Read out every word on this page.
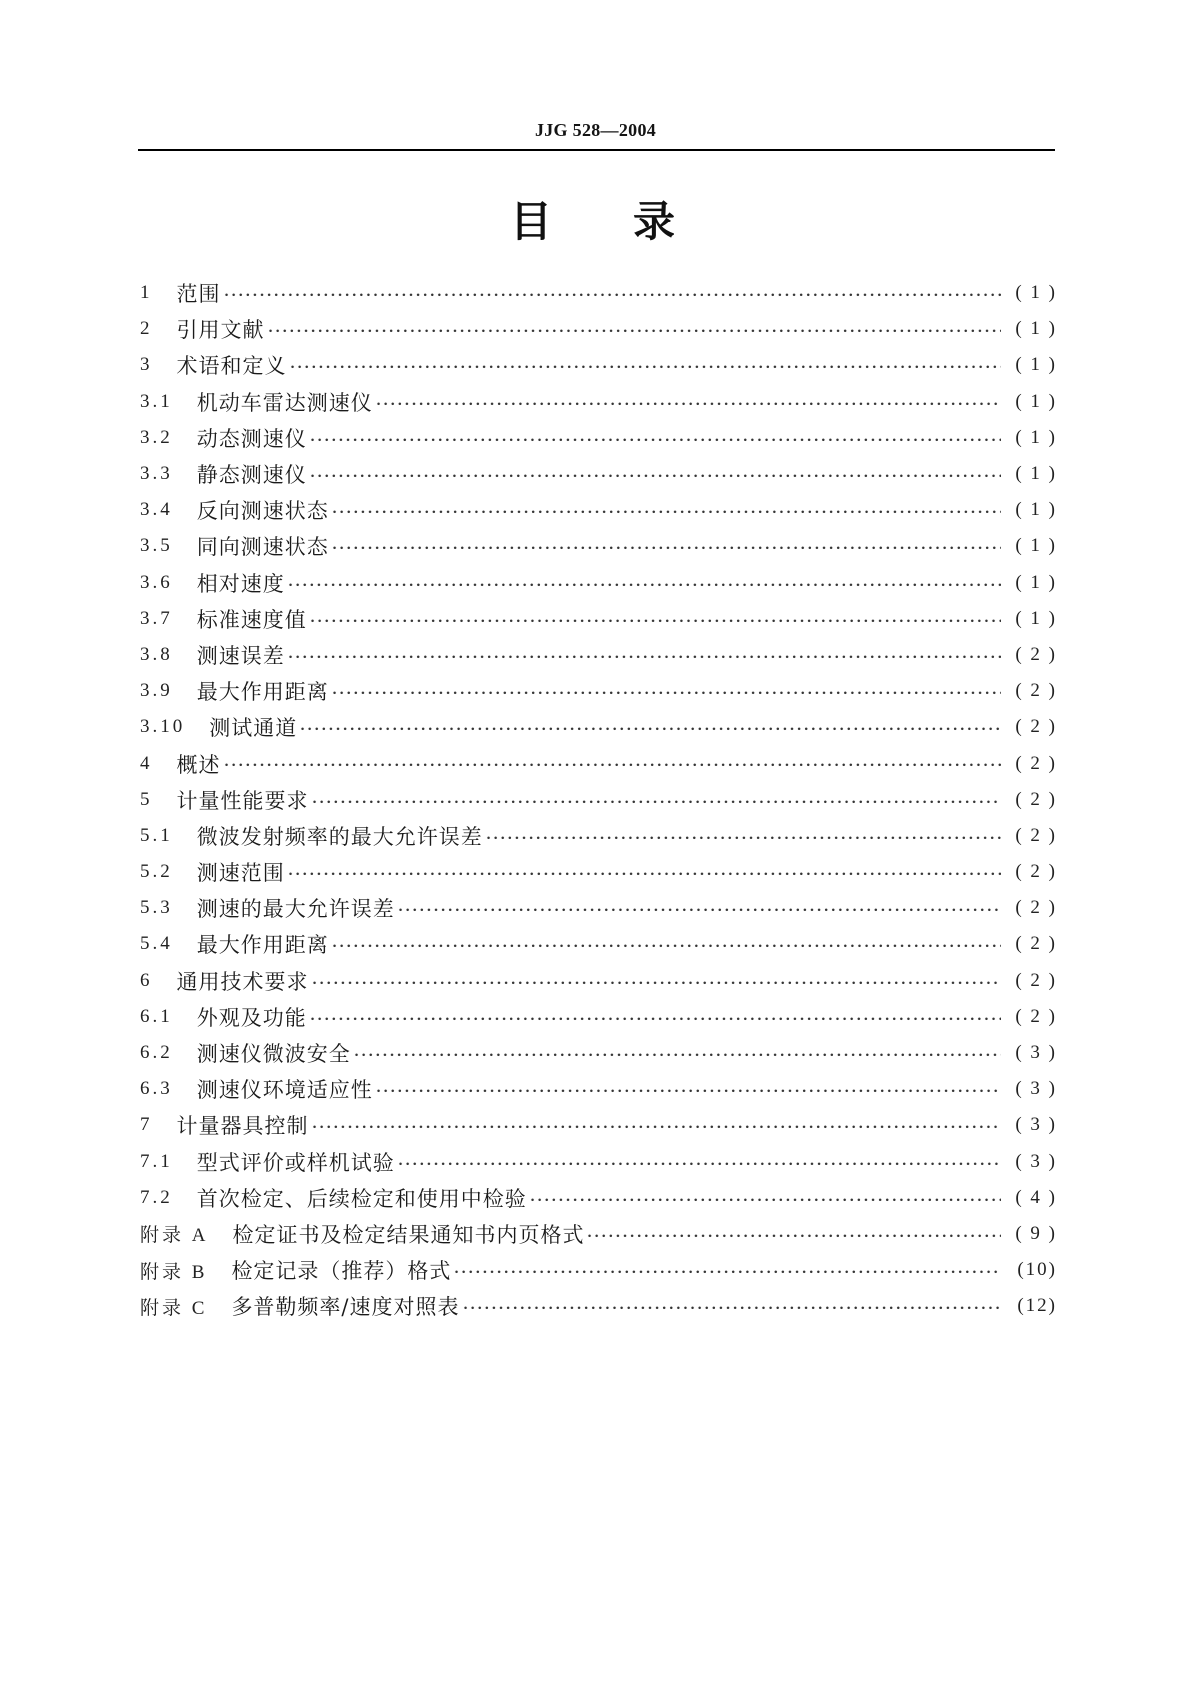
JJG 528—2004
目 录
1 范围	( 1 )
2 引用文献	( 1 )
3 术语和定义	( 1 )
3.1 机动车雷达测速仪	( 1 )
3.2 动态测速仪	( 1 )
3.3 静态测速仪	( 1 )
3.4 反向测速状态	( 1 )
3.5 同向测速状态	( 1 )
3.6 相对速度	( 1 )
3.7 标准速度值	( 1 )
3.8 测速误差	( 2 )
3.9 最大作用距离	( 2 )
3.10 测试通道	( 2 )
4 概述	( 2 )
5 计量性能要求	( 2 )
5.1 微波发射频率的最大允许误差	( 2 )
5.2 测速范围	( 2 )
5.3 测速的最大允许误差	( 2 )
5.4 最大作用距离	( 2 )
6 通用技术要求	( 2 )
6.1 外观及功能	( 2 )
6.2 测速仪微波安全	( 3 )
6.3 测速仪环境适应性	( 3 )
7 计量器具控制	( 3 )
7.1 型式评价或样机试验	( 3 )
7.2 首次检定、后续检定和使用中检验	( 4 )
附录 A 检定证书及检定结果通知书内页格式	( 9 )
附录 B 检定记录（推荐）格式	(10)
附录 C 多普勒频率/速度对照表	(12)
